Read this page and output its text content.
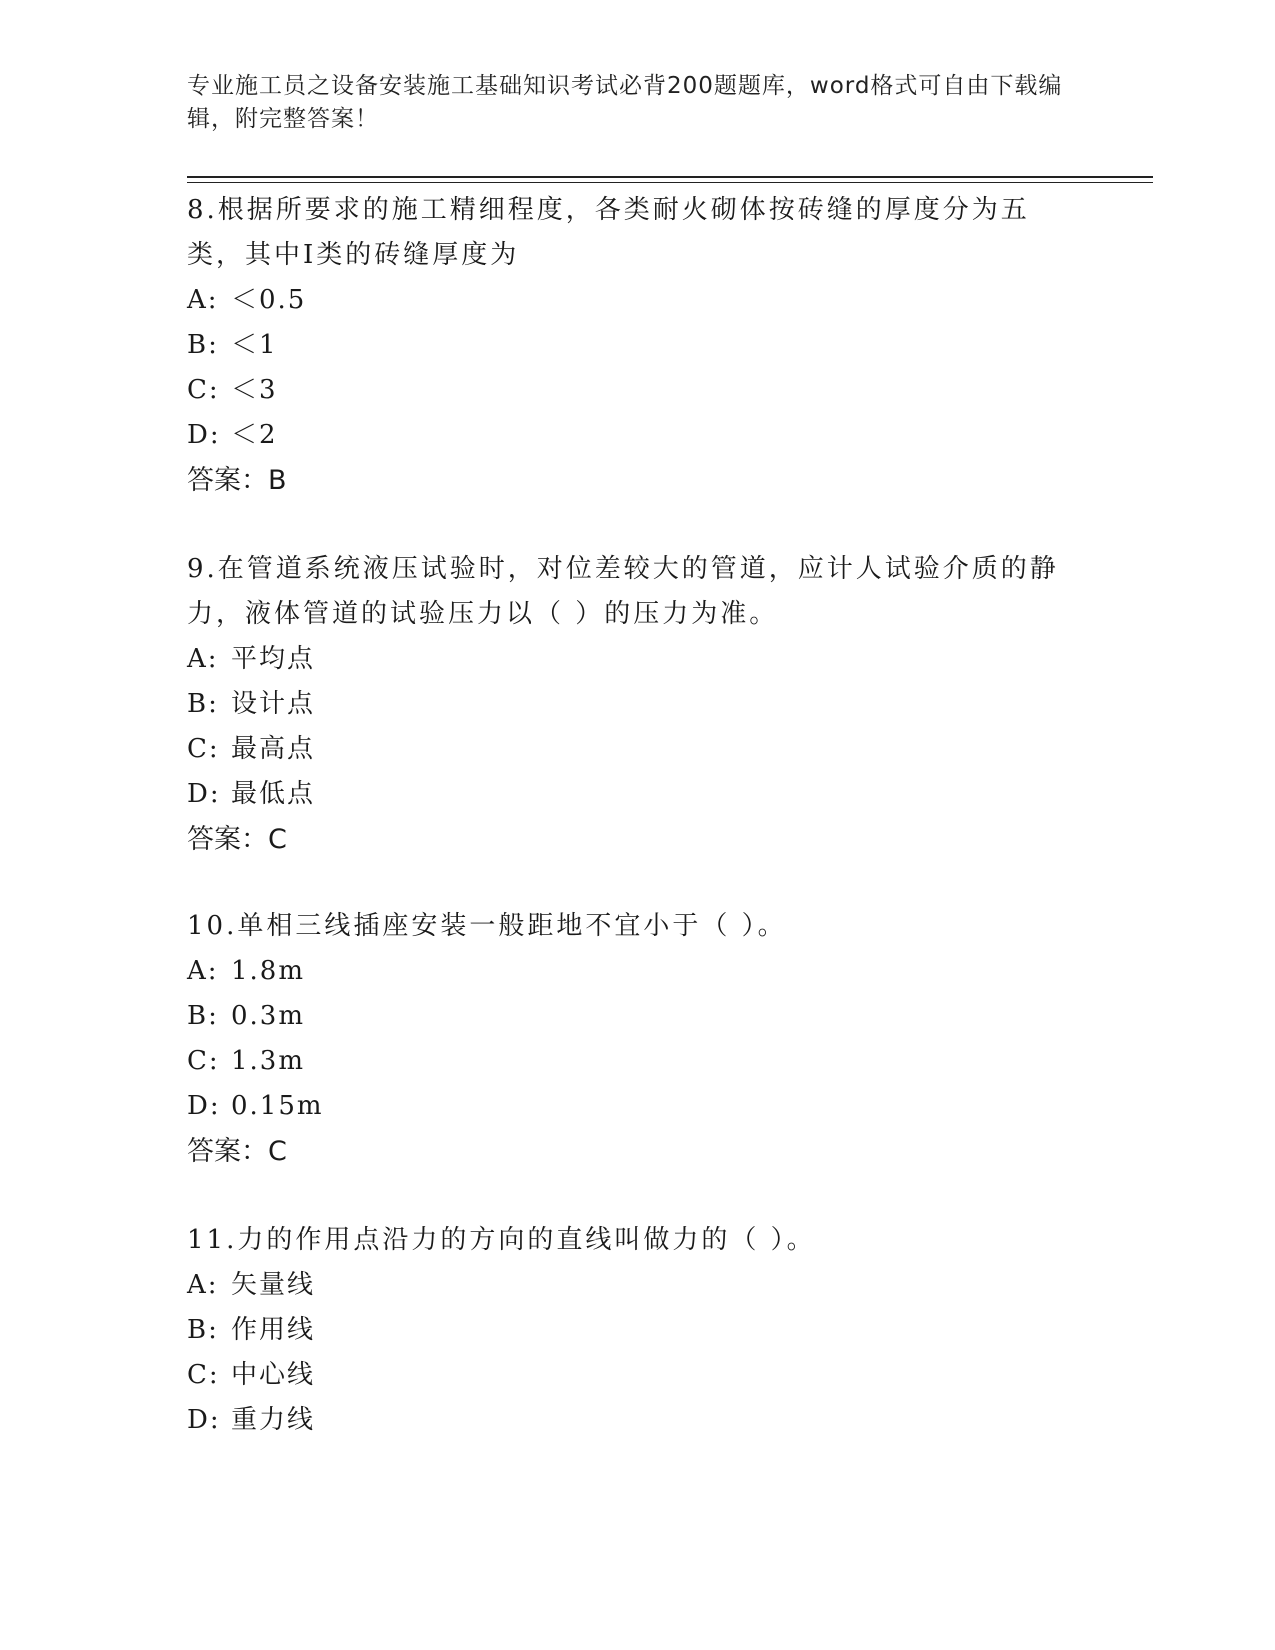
专业施工员之设备安装施工基础知识考试必背200题题库，word格式可自由下载编辑，附完整答案！

8.根据所要求的施工精细程度，各类耐火砌体按砖缝的厚度分为五类，其中Ⅰ类的砖缝厚度为

A: ＜0.5

B: ＜1

C: ＜3

D: ＜2

答案：B

9.在管道系统液压试验时，对位差较大的管道，应计人试验介质的静力，液体管道的试验压力以（ ）的压力为准。

A: 平均点

B: 设计点

C: 最高点

D: 最低点

答案：C

10.单相三线插座安装一般距地不宜小于（ ）。

A: 1.8m

B: 0.3m

C: 1.3m

D: 0.15m

答案：C

11.力的作用点沿力的方向的直线叫做力的（ ）。

A: 矢量线

B: 作用线

C: 中心线

D: 重力线
